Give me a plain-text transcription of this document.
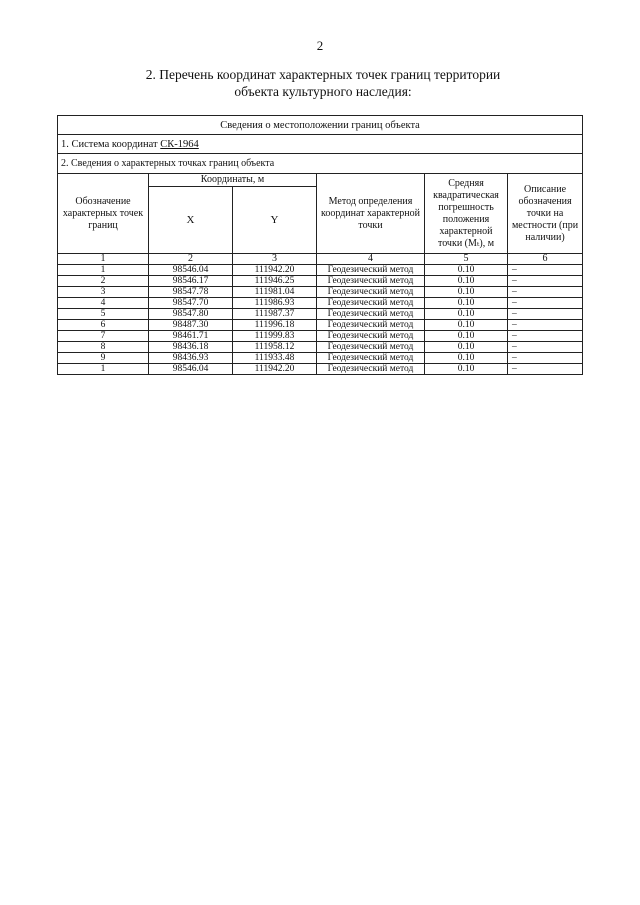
2
2. Перечень координат характерных точек границ территории
объекта культурного наследия:
Сведения о местоположении границ объекта					
1. Система координат СК-1964					
2. Сведения о характерных точках границ объекта					
Обозначение характерных точек границ	Координаты, м		Метод определения координат характерной точки	Средняя квадратическая погрешность положения характерной точки (Mₜ), м	Описание обозначения точки на местности (при наличии)
	X	Y			
1	2	3	4	5	6
1	98546.04	111942.20	Геодезический метод	0.10	–
2	98546.17	111946.25	Геодезический метод	0.10	–
3	98547.78	111981.04	Геодезический метод	0.10	–
4	98547.70	111986.93	Геодезический метод	0.10	–
5	98547.80	111987.37	Геодезический метод	0.10	–
6	98487.30	111996.18	Геодезический метод	0.10	–
7	98461.71	111999.83	Геодезический метод	0.10	–
8	98436.18	111958.12	Геодезический метод	0.10	–
9	98436.93	111933.48	Геодезический метод	0.10	–
1	98546.04	111942.20	Геодезический метод	0.10	–
